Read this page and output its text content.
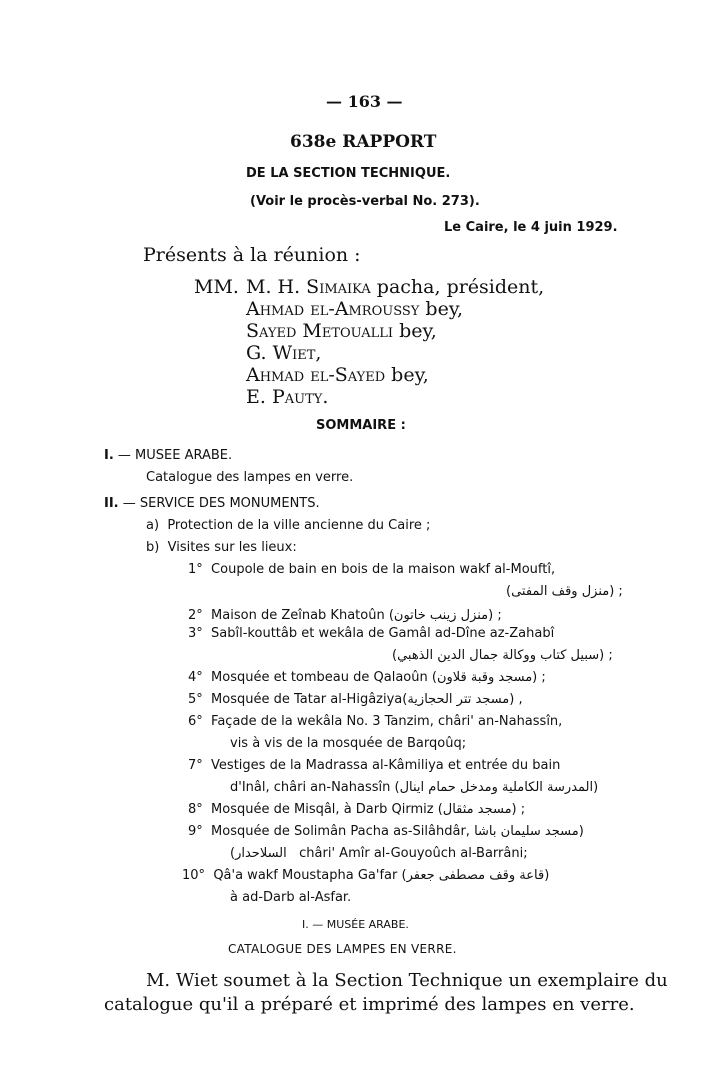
— 163 —
638e RAPPORT
DE LA SECTION TECHNIQUE.
(Voir le procès-verbal No. 273).
Le Caire, le 4 juin 1929.
Présents à la réunion :
MM. M. H. Simaika pacha, président,
Ahmad el-Amroussy bey,
Sayed Metoualli bey,
G. Wiet,
Ahmad el-Sayed bey,
E. Pauty.
SOMMAIRE :
I. — MUSEE ARABE.
Catalogue des lampes en verre.
II. — SERVICE DES MONUMENTS.
a) Protection de la ville ancienne du Caire ;
b) Visites sur les lieux:
1° Coupole de bain en bois de la maison wakf al-Mouftî,
(منزل وقف المفتى) ;
2° Maison de Zeînab Khatoûn (منزل زينب خاتون) ;
3° Sabîl-kouttâb et wekâla de Gamâl ad-Dîne az-Zahabî
(سبيل كتاب ووكالة جمال الدين الذهبي) ;
4° Mosquée et tombeau de Qalaoûn (مسجد وقبة قلاون) ;
5° Mosquée de Tatar al-Higâziya(مسجد تتر الحجازية) ,
6° Façade de la wekâla No. 3 Tanzim, châri' an-Nahassîn,
vis à vis de la mosquée de Barqoûq;
7° Vestiges de la Madrassa al-Kâmiliya et entrée du bain
d'Inâl, châri an-Nahassîn (المدرسة الكاملية ومدخل حمام اينال)
8° Mosquée de Misqâl, à Darb Qirmiz (مسجد مثقال) ;
9° Mosquée de Solimân Pacha as-Silâhdâr, (مسجد سليمان باشا
السلاحدار) châri' Amîr al-Gouyoûch al-Barrâni;
10° Qâ'a wakf Moustapha Ga'far (قاعة وقف مصطفى جعفر)
à ad-Darb al-Asfar.
I. — MUSÉE ARABE.
CATALOGUE DES LAMPES EN VERRE.
M. Wiet soumet à la Section Technique un exemplaire du
catalogue qu'il a préparé et imprimé des lampes en verre.
